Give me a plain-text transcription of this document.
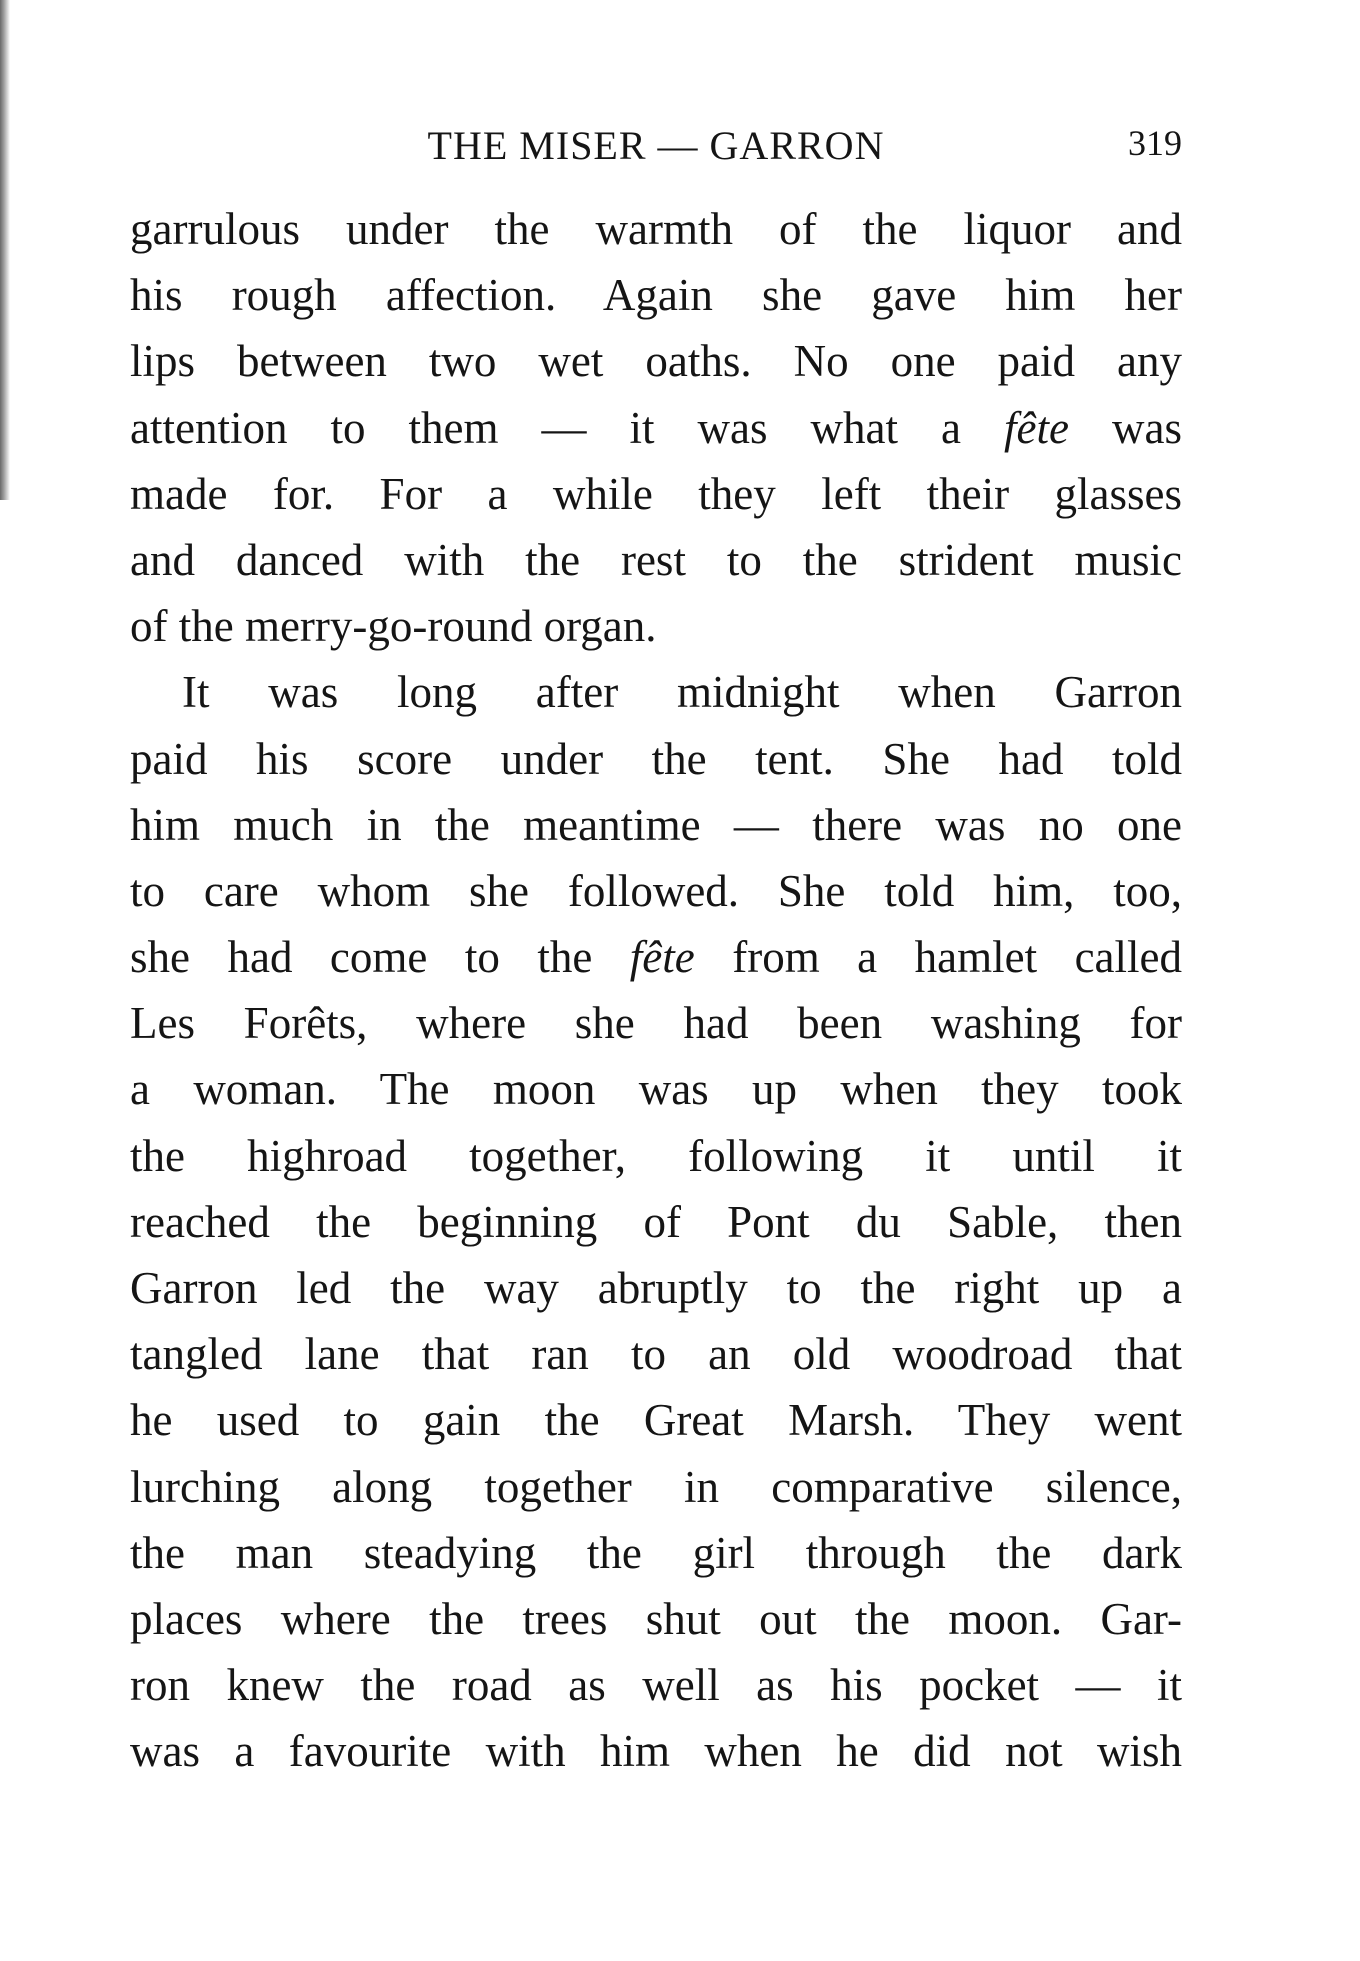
THE MISER — GARRON	319
garrulous under the warmth of the liquor and
his rough affection. Again she gave him her
lips between two wet oaths. No one paid any
attention to them — it was what a fête was
made for. For a while they left their glasses
and danced with the rest to the strident music
of the merry-go-round organ.
It was long after midnight when Garron
paid his score under the tent. She had told
him much in the meantime — there was no one
to care whom she followed. She told him, too,
she had come to the fête from a hamlet called
Les Forêts, where she had been washing for
a woman. The moon was up when they took
the highroad together, following it until it
reached the beginning of Pont du Sable, then
Garron led the way abruptly to the right up a
tangled lane that ran to an old woodroad that
he used to gain the Great Marsh. They went
lurching along together in comparative silence,
the man steadying the girl through the dark
places where the trees shut out the moon. Gar-
ron knew the road as well as his pocket — it
was a favourite with him when he did not wish
